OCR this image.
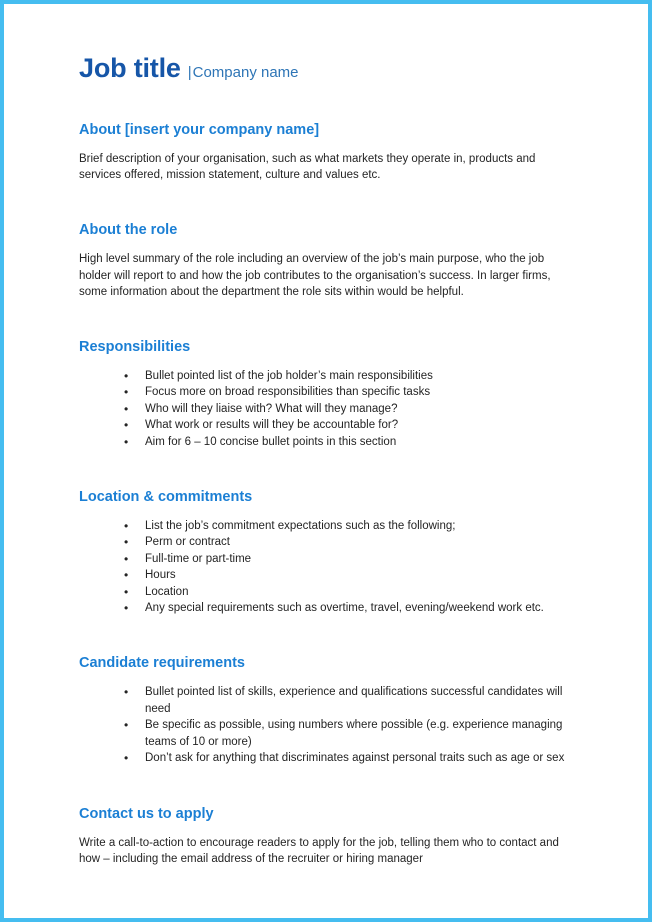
Job title |Company name
About [insert your company name]

Brief description of your organisation, such as what markets they operate in, products and services offered, mission statement, culture and values etc.

About the role

High level summary of the role including an overview of the job’s main purpose, who the job holder will report to and how the job contributes to the organisation’s success. In larger firms, some information about the department the role sits within would be helpful.

Responsibilities
• Bullet pointed list of the job holder’s main responsibilities
• Focus more on broad responsibilities than specific tasks
• Who will they liaise with? What will they manage?
• What work or results will they be accountable for?
• Aim for 6 – 10 concise bullet points in this section
Location & commitments
• List the job’s commitment expectations such as the following;
• Perm or contract
• Full-time or part-time
• Hours
• Location
• Any special requirements such as overtime, travel, evening/weekend work etc.
Candidate requirements
• Bullet pointed list of skills, experience and qualifications successful candidates will need
• Be specific as possible, using numbers where possible (e.g. experience managing teams of 10 or more)
• Don’t ask for anything that discriminates against personal traits such as age or sex
Contact us to apply

Write a call-to-action to encourage readers to apply for the job, telling them who to contact and how – including the email address of the recruiter or hiring manager
